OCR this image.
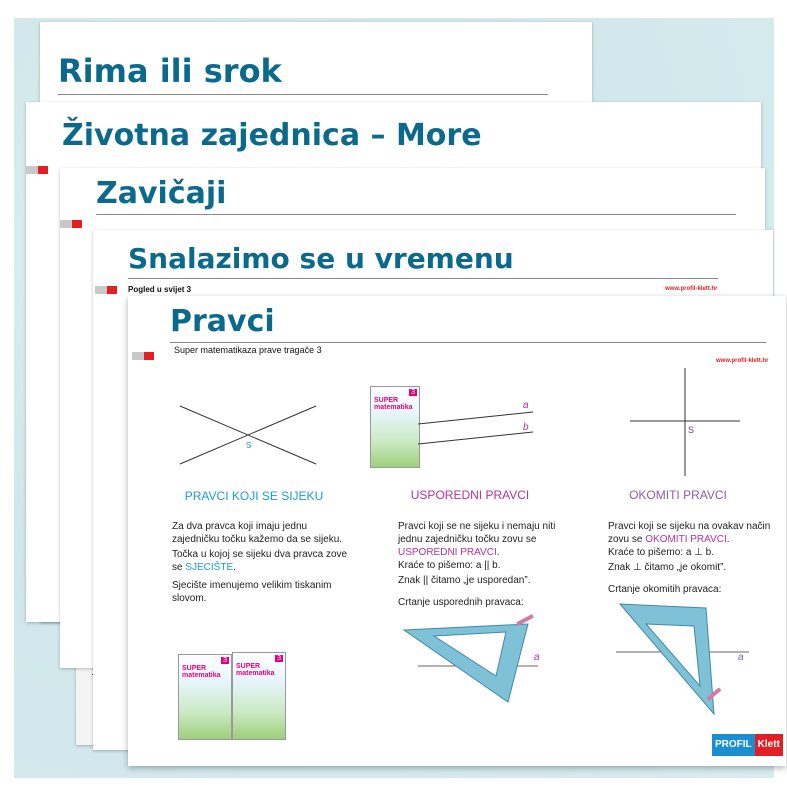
Rima ili srok
Životna zajednica – More
Zavičaji
Snalazimo se u vremenu
Pogled u svijet 3	www.profil-klett.hr
Pravci
Super matematikaza prave tragače 3
www.profil-klett.hr
S
3
SUPER matematika	a
b	S
PRAVCI KOJI SE SIJEKU	USPOREDNI PRAVCI	OKOMITI PRAVCI
Za dva pravca koji imaju jednu zajedničku točku kažemo da se sijeku.
Točka u kojoj se sijeku dva pravca zove se SJECIŠTE.
Sjecište imenujemo velikim tiskanim slovom.
Pravci koji se ne sijeku i nemaju niti jednu zajedničku točku zovu se USPOREDNI PRAVCI.
Kraće to pišemo: a || b.
Znak || čitamo „je usporedan”.
Crtanje usporednih pravaca:
Pravci koji se sijeku na ovakav način zovu se OKOMITI PRAVCI.
Kraće to pišemo: a ⊥ b.
Znak ⊥ čitamo „je okomit”.
Crtanje okomitih pravaca:
a	a
3
SUPER matematika
3
SUPER matematika
PROFIL Klett
